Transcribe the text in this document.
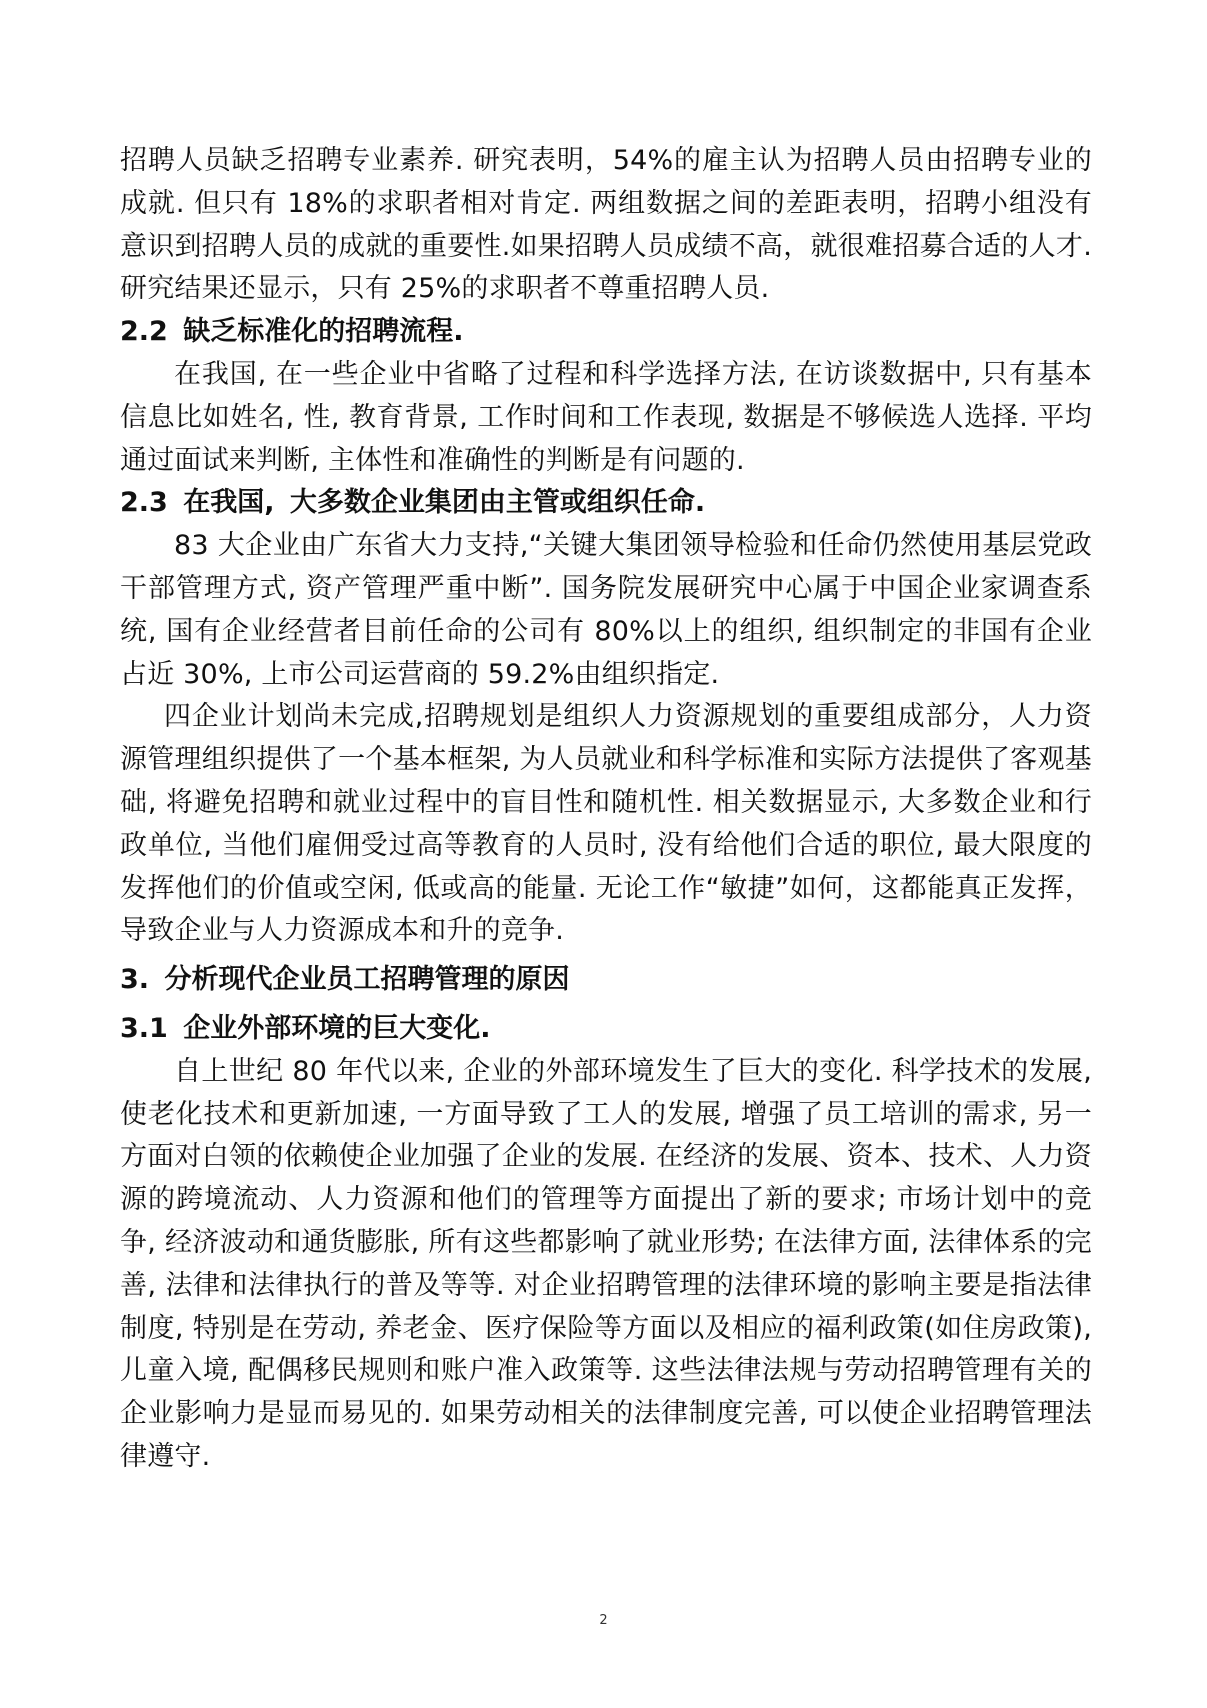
招聘人员缺乏招聘专业素养. 研究表明，54%的雇主认为招聘人员由招聘专业的成就. 但只有 18%的求职者相对肯定. 两组数据之间的差距表明，招聘小组没有意识到招聘人员的成就的重要性.如果招聘人员成绩不高，就很难招募合适的人才. 研究结果还显示，只有 25%的求职者不尊重招聘人员.

2.2 缺乏标准化的招聘流程.

在我国, 在一些企业中省略了过程和科学选择方法, 在访谈数据中, 只有基本信息比如姓名, 性, 教育背景, 工作时间和工作表现, 数据是不够候选人选择. 平均通过面试来判断, 主体性和准确性的判断是有问题的.

2.3 在我国, 大多数企业集团由主管或组织任命.

83 大企业由广东省大力支持,“关键大集团领导检验和任命仍然使用基层党政干部管理方式, 资产管理严重中断”. 国务院发展研究中心属于中国企业家调查系统, 国有企业经营者目前任命的公司有 80%以上的组织, 组织制定的非国有企业占近 30%, 上市公司运营商的 59.2%由组织指定.

四企业计划尚未完成,招聘规划是组织人力资源规划的重要组成部分，人力资源管理组织提供了一个基本框架, 为人员就业和科学标准和实际方法提供了客观基础, 将避免招聘和就业过程中的盲目性和随机性. 相关数据显示, 大多数企业和行政单位, 当他们雇佣受过高等教育的人员时, 没有给他们合适的职位, 最大限度的发挥他们的价值或空闲, 低或高的能量. 无论工作“敏捷”如何，这都能真正发挥，导致企业与人力资源成本和升的竞争.

3. 分析现代企业员工招聘管理的原因
3.1 企业外部环境的巨大变化.

自上世纪 80 年代以来, 企业的外部环境发生了巨大的变化. 科学技术的发展, 使老化技术和更新加速, 一方面导致了工人的发展, 增强了员工培训的需求, 另一方面对白领的依赖使企业加强了企业的发展. 在经济的发展、资本、技术、人力资源的跨境流动、人力资源和他们的管理等方面提出了新的要求; 市场计划中的竞争, 经济波动和通货膨胀, 所有这些都影响了就业形势; 在法律方面, 法律体系的完善, 法律和法律执行的普及等等. 对企业招聘管理的法律环境的影响主要是指法律制度, 特别是在劳动, 养老金、医疗保险等方面以及相应的福利政策(如住房政策), 儿童入境, 配偶移民规则和账户准入政策等. 这些法律法规与劳动招聘管理有关的企业影响力是显而易见的. 如果劳动相关的法律制度完善, 可以使企业招聘管理法律遵守.

2
